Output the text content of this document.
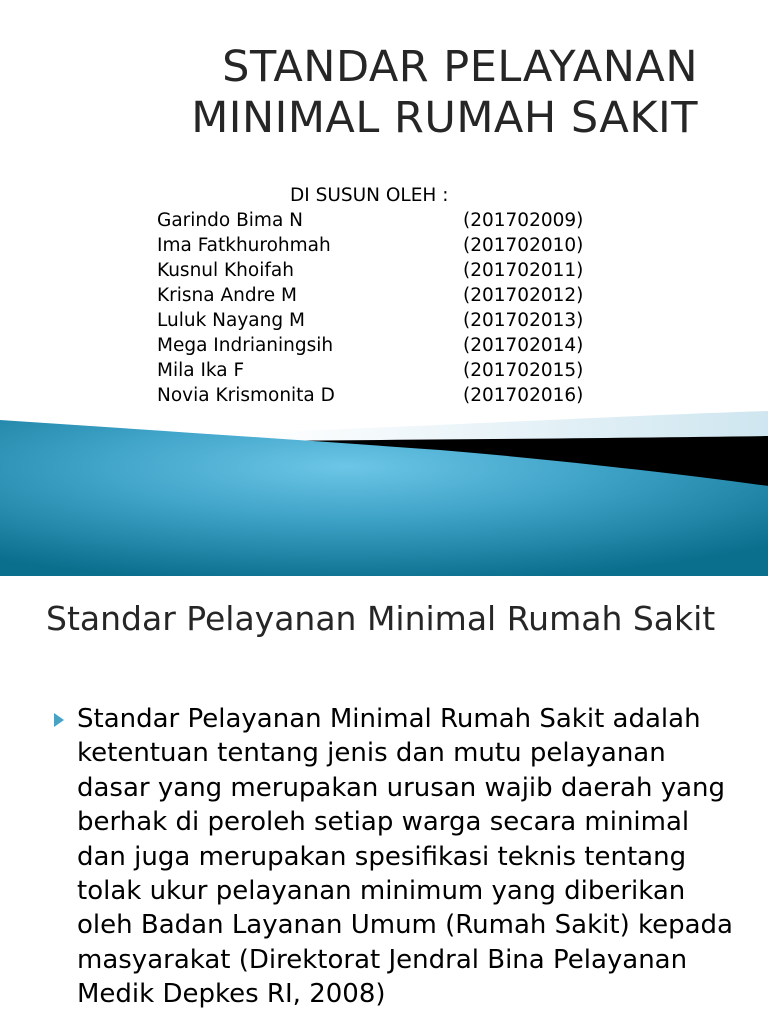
STANDAR PELAYANAN
MINIMAL RUMAH SAKIT
DI SUSUN OLEH :
Garindo Bima N	(201702009)
Ima Fatkhurohmah	(201702010)
Kusnul Khoifah	(201702011)
Krisna Andre M	(201702012)
Luluk Nayang M	(201702013)
Mega Indrianingsih	(201702014)
Mila Ika F	(201702015)
Novia Krismonita D	(201702016)
Standar Pelayanan Minimal Rumah Sakit

Standar Pelayanan Minimal Rumah Sakit adalah ketentuan tentang jenis dan mutu pelayanan dasar yang merupakan urusan wajib daerah yang berhak di peroleh setiap warga secara minimal dan juga merupakan spesifikasi teknis tentang tolak ukur pelayanan minimum yang diberikan oleh Badan Layanan Umum (Rumah Sakit) kepada masyarakat (Direktorat Jendral Bina Pelayanan Medik Depkes RI, 2008)
